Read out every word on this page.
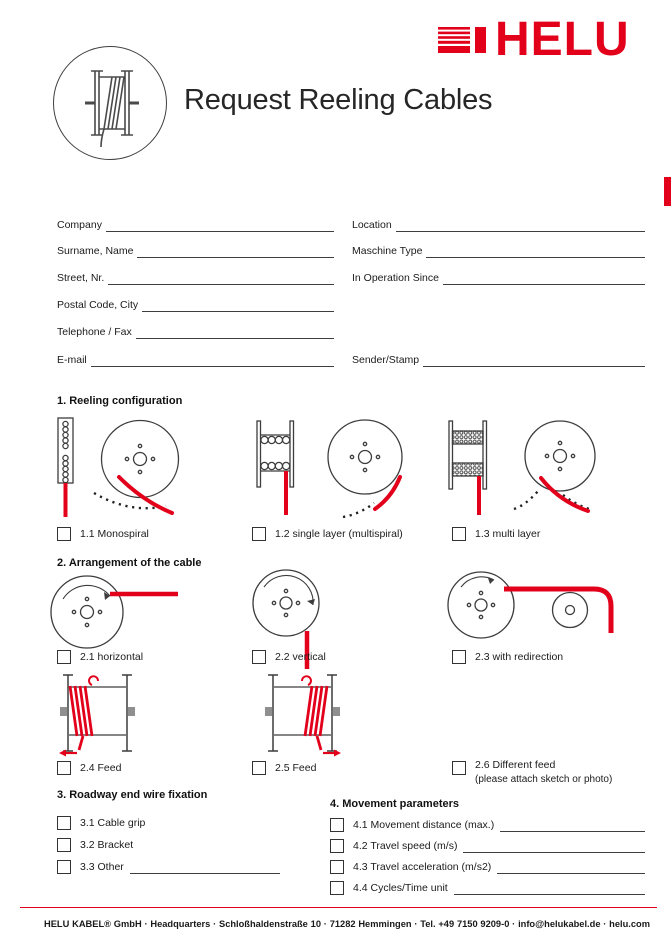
HELU
Request Reeling Cables
Company
Surname, Name
Street, Nr.
Postal Code, City
Telephone / Fax
E-mail
Location
Maschine Type
In Operation Since
Sender/Stamp
1. Reeling configuration
1.1 Monospiral	1.2 single layer (multispiral)	1.3 multi layer
2. Arrangement of the cable
2.1 horizontal	2.2 vertical	2.3 with redirection
2.4 Feed	2.5 Feed	2.6 Different feed
(please attach sketch or photo)
3. Roadway end wire fixation
3.1 Cable grip
3.2 Bracket
3.3 Other
4. Movement parameters
4.1 Movement distance (max.)
4.2 Travel speed (m/s)
4.3 Travel acceleration (m/s2)
4.4 Cycles/Time unit
HELU KABEL® GmbH · Headquarters · Schloßhaldenstraße 10 · 71282 Hemmingen · Tel. +49 7150 9209-0 · info@helukabel.de · helu.com
